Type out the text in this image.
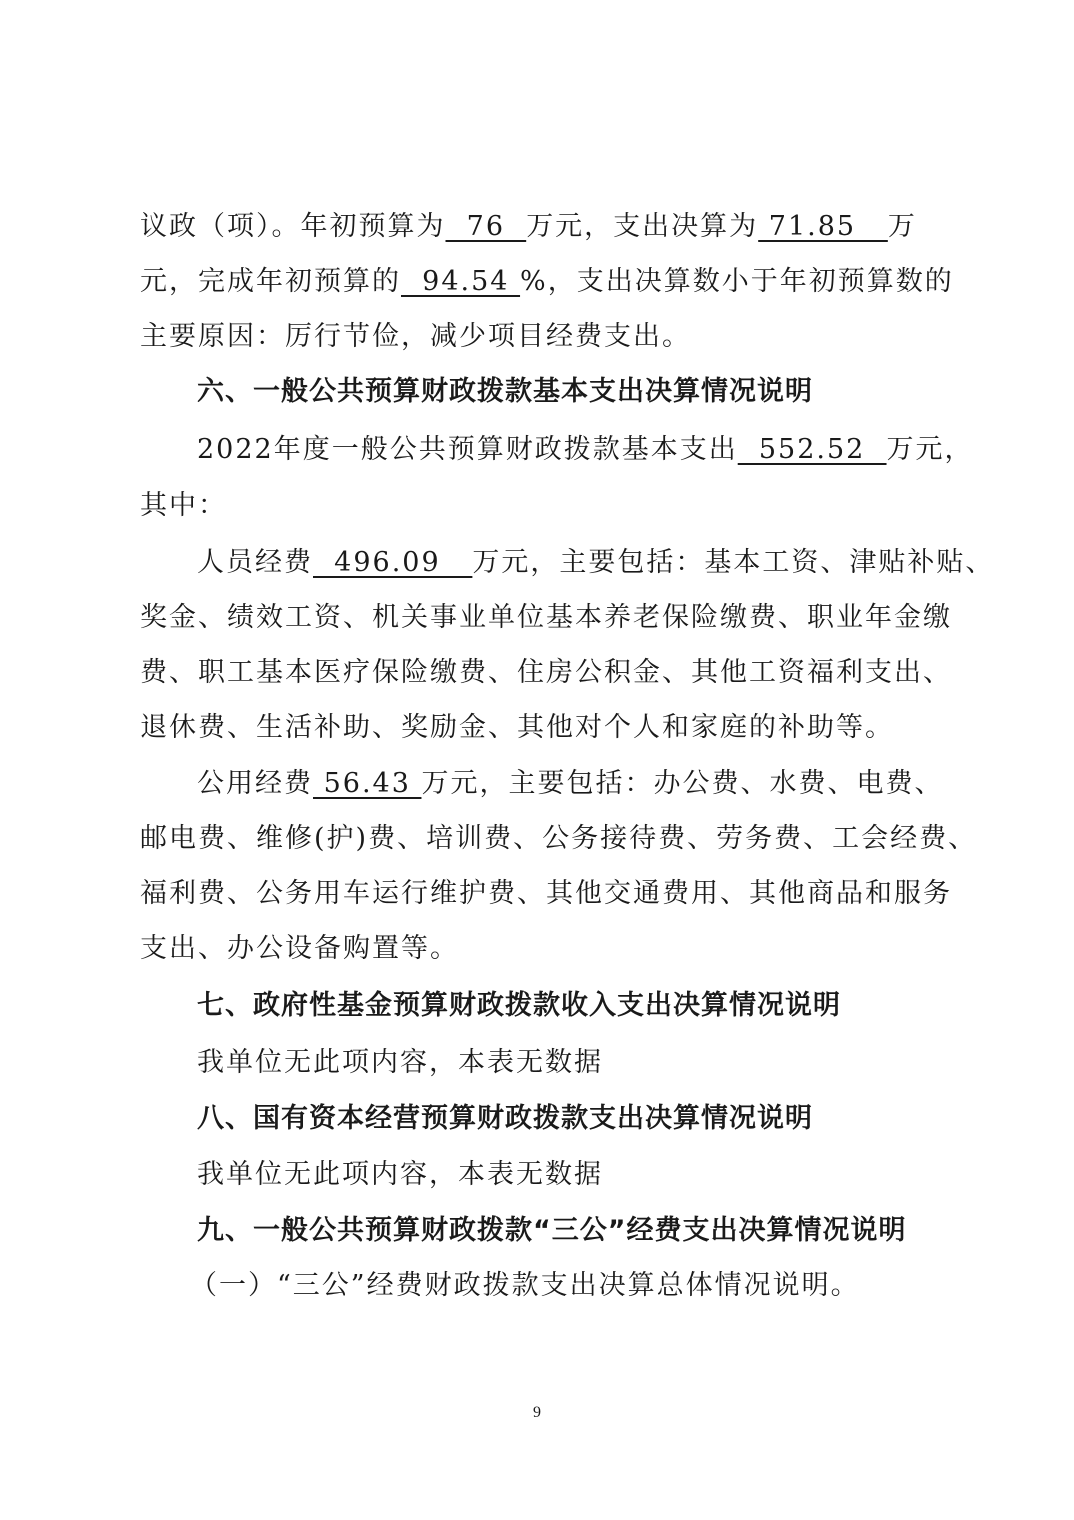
议政（项）。年初预算为  76  万元，支出决算为 71.85   万
元，完成年初预算的  94.54 %，支出决算数小于年初预算数的
主要原因：厉行节俭，减少项目经费支出。
六、一般公共预算财政拨款基本支出决算情况说明
2022年度一般公共预算财政拨款基本支出  552.52  万元，
其中：
人员经费  496.09   万元，主要包括：基本工资、津贴补贴、
奖金、绩效工资、机关事业单位基本养老保险缴费、职业年金缴
费、职工基本医疗保险缴费、住房公积金、其他工资福利支出、
退休费、生活补助、奖励金、其他对个人和家庭的补助等。
公用经费 56.43 万元，主要包括：办公费、水费、电费、
邮电费、维修(护)费、培训费、公务接待费、劳务费、工会经费、
福利费、公务用车运行维护费、其他交通费用、其他商品和服务
支出、办公设备购置等。
七、政府性基金预算财政拨款收入支出决算情况说明
我单位无此项内容，本表无数据
八、国有资本经营预算财政拨款支出决算情况说明
我单位无此项内容，本表无数据
九、一般公共预算财政拨款“三公”经费支出决算情况说明
（一）“三公”经费财政拨款支出决算总体情况说明。
9
